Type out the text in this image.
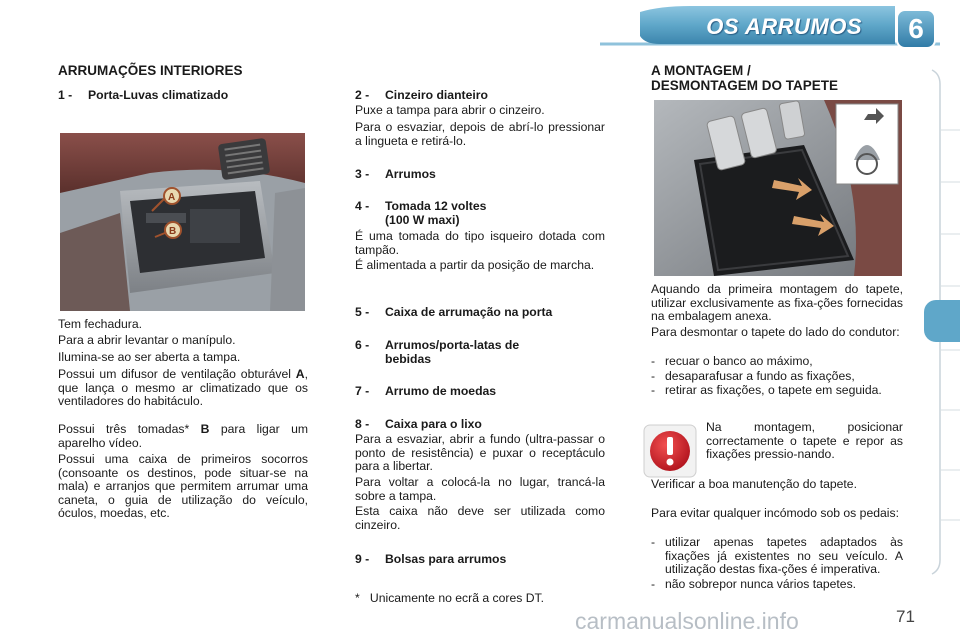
OS ARRUMOS	6
ARRUMAÇÕES INTERIORES
1 - Porta-Luvas climatizado
A
B
Tem fechadura.
Para a abrir levantar o manípulo.
Ilumina-se ao ser aberta a tampa.
Possui um difusor de ventilação obturável A, que lança o mesmo ar climatizado que os ventiladores do habitáculo.
Possui três tomadas* B para ligar um aparelho vídeo.
Possui uma caixa de primeiros socorros (consoante os destinos, pode situar-se na mala) e arranjos que permitem arrumar uma caneta, o guia de utilização do veículo, óculos, moedas, etc.
2 - Cinzeiro dianteiro
Puxe a tampa para abrir o cinzeiro.
Para o esvaziar, depois de abrí-lo pressionar a lingueta e retirá-lo.
3 - Arrumos
4 - Tomada 12 voltes
(100 W maxi)
É uma tomada do tipo isqueiro dotada com tampão.
É alimentada a partir da posição de marcha.
5 - Caixa de arrumação na porta
6 - Arrumos/porta-latas de
bebidas
7 - Arrumo de moedas
8 - Caixa para o lixo
Para a esvaziar, abrir a fundo (ultra-passar o ponto de resistência) e puxar o receptáculo para a libertar.
Para voltar a colocá-la no lugar, trancá-la sobre a tampa.
Esta caixa não deve ser utilizada como cinzeiro.
9 - Bolsas para arrumos
*   Unicamente no ecrã a cores DT.
A MONTAGEM /
DESMONTAGEM DO TAPETE
Aquando da primeira montagem do tapete, utilizar exclusivamente as fixa-ções fornecidas na embalagem anexa.
Para desmontar o tapete do lado do condutor:
- recuar o banco ao máximo,
- desaparafusar a fundo as fixações,
- retirar as fixações, o tapete em seguida.
Na montagem, posicionar correctamente o tapete e repor as fixações pressio-nando.
Verificar a boa manutenção do tapete.
Para evitar qualquer incómodo sob os pedais:
- utilizar apenas tapetes adaptados às fixações já existentes no seu veículo. A utilização destas fixa-ções é imperativa.
- não sobrepor nunca vários tapetes.
carmanualsonline.info	71
